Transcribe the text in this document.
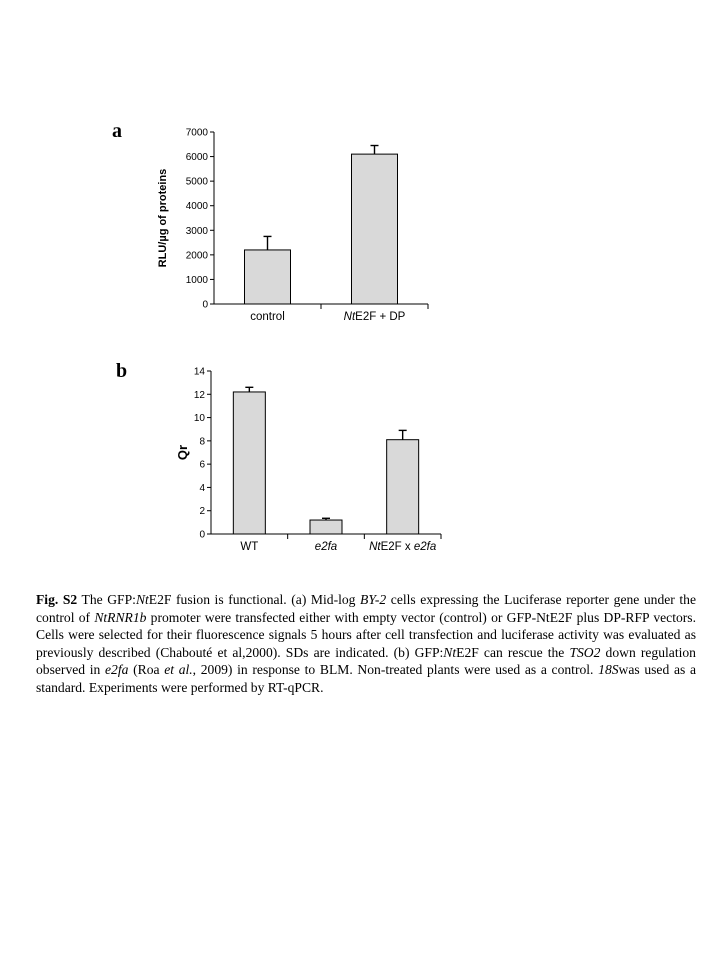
a
b
0
1000
2000
3000
4000
5000
6000
7000
control	NtE2F + DP
RLU/µg of proteins
0
2
4
6
8
10
12
14
WT	e2fa	NtE2F x e2fa
Qr
Fig. S2 The GFP:NtE2F fusion is functional. (a) Mid-log BY-2 cells expressing the Luciferase reporter gene under the control of NtRNR1b promoter were transfected either with empty vector (control) or GFP-NtE2F plus DP-RFP vectors. Cells were selected for their fluorescence signals 5 hours after cell transfection and luciferase activity was evaluated as previously described (Chabouté et al,2000). SDs are indicated. (b) GFP:NtE2F can rescue the TSO2 down regulation observed in e2fa (Roa et al., 2009) in response to BLM. Non-treated plants were used as a control. 18Swas used as a standard. Experiments were performed by RT-qPCR.
